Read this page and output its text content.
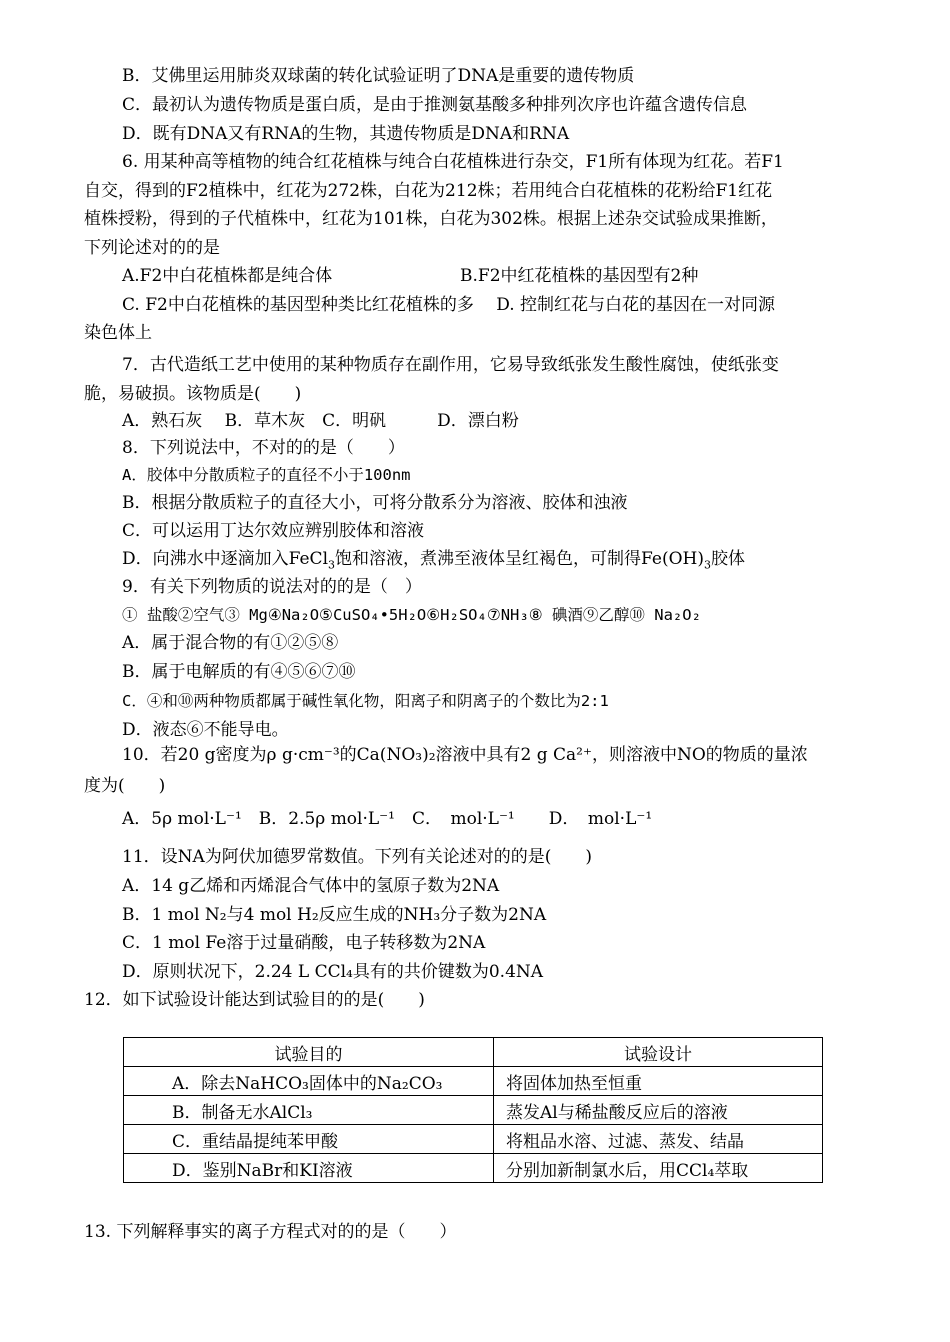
B．艾佛里运用肺炎双球菌的转化试验证明了DNA是重要的遗传物质
C．最初认为遗传物质是蛋白质，是由于推测氨基酸多种排列次序也许蕴含遗传信息
D．既有DNA又有RNA的生物，其遗传物质是DNA和RNA
6. 用某种高等植物的纯合红花植株与纯合白花植株进行杂交，F1所有体现为红花。若F1
自交，得到的F2植株中，红花为272株，白花为212株；若用纯合白花植株的花粉给F1红花
植株授粉，得到的子代植株中，红花为101株，白花为302株。根据上述杂交试验成果推断，
下列论述对的的是
A.F2中白花植株都是纯合体	B.F2中红花植株的基因型有2种
C. F2中白花植株的基因型种类比红花植株的多　 D. 控制红花与白花的基因在一对同源
染色体上
7．古代造纸工艺中使用的某种物质存在副作用，它易导致纸张发生酸性腐蚀，使纸张变
脆，易破损。该物质是(　　)
A．熟石灰　 B．草木灰　C．明矾　　　D．漂白粉
8．下列说法中，不对的的是（　　）
A．胶体中分散质粒子的直径不小于100nm
B．根据分散质粒子的直径大小，可将分散系分为溶液、胶体和浊液
C．可以运用丁达尔效应辨别胶体和溶液
D．向沸水中逐滴加入FeCl$_3$饱和溶液，煮沸至液体呈红褐色，可制得$Fe(OH)_3$胶体
9．有关下列物质的说法对的的是（　）
① 盐酸②空气③ Mg④Na₂O⑤CuSO₄•5H₂O⑥H₂SO₄⑦NH₃⑧ 碘酒⑨乙醇⑩ Na₂O₂
A．属于混合物的有①②⑤⑧
B．属于电解质的有④⑤⑥⑦⑩
C．④和⑩两种物质都属于碱性氧化物，阳离子和阴离子的个数比为2:1
D．液态⑥不能导电。
10．若20 g密度为ρ g·cm⁻³的Ca(NO₃)₂溶液中具有2 g Ca²⁺，则溶液中NO的物质的量浓
度为(　　)
A．5ρ mol·L⁻¹　B．2.5ρ mol·L⁻¹　C．　mol·L⁻¹　　D．　mol·L⁻¹
11．设NA为阿伏加德罗常数值。下列有关论述对的的是(　　)
A．14 g乙烯和丙烯混合气体中的氢原子数为2NA
B．1 mol N₂与4 mol H₂反应生成的NH₃分子数为2NA
C．1 mol Fe溶于过量硝酸，电子转移数为2NA
D．原则状况下，2.24 L CCl₄具有的共价键数为0.4NA
12．如下试验设计能达到试验目的的是(　　)
试验目的	试验设计
A．除去NaHCO₃固体中的Na₂CO₃	将固体加热至恒重
B．制备无水AlCl₃	蒸发Al与稀盐酸反应后的溶液
C．重结晶提纯苯甲酸	将粗品水溶、过滤、蒸发、结晶
D．鉴别NaBr和KI溶液	分别加新制氯水后，用CCl₄萃取
13. 下列解释事实的离子方程式对的的是（　　）
